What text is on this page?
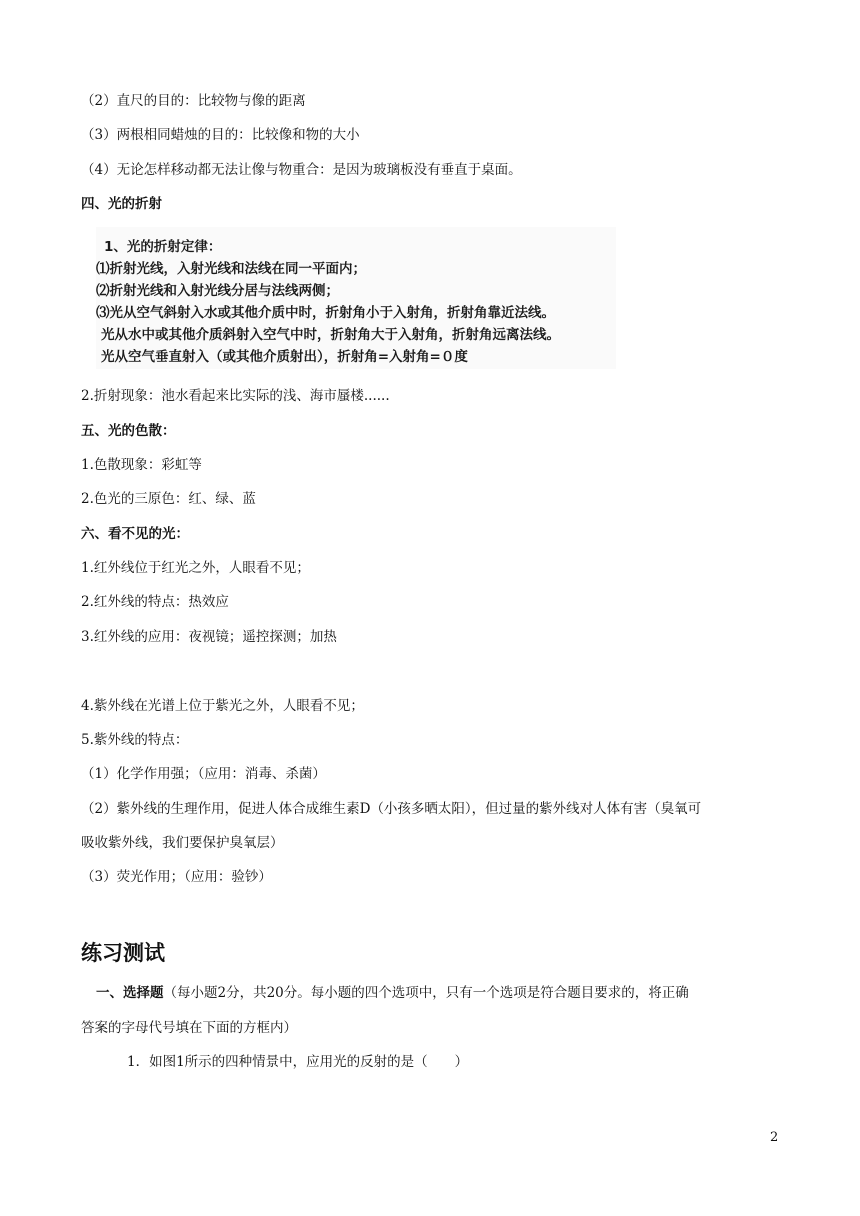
（2）直尺的目的：比较物与像的距离
（3）两根相同蜡烛的目的：比较像和物的大小
（4）无论怎样移动都无法让像与物重合：是因为玻璃板没有垂直于桌面。
四、光的折射
1、光的折射定律：
⑴折射光线，入射光线和法线在同一平面内；
⑵折射光线和入射光线分居与法线两侧；
⑶光从空气斜射入水或其他介质中时，折射角小于入射角，折射角靠近法线。
光从水中或其他介质斜射入空气中时，折射角大于入射角，折射角远离法线。
光从空气垂直射入（或其他介质射出），折射角=入射角=０度
2.折射现象：池水看起来比实际的浅、海市蜃楼......
五、光的色散：
1.色散现象：彩虹等
2.色光的三原色：红、绿、蓝
六、看不见的光：
1.红外线位于红光之外，人眼看不见；
2.红外线的特点：热效应
3.红外线的应用：夜视镜；遥控探测；加热
4.紫外线在光谱上位于紫光之外，人眼看不见；
5.紫外线的特点：
（1）化学作用强；（应用：消毒、杀菌）
（2）紫外线的生理作用，促进人体合成维生素D（小孩多晒太阳），但过量的紫外线对人体有害（臭氧可
吸收紫外线，我们要保护臭氧层）
（3）荧光作用；（应用：验钞）
练习测试
一、选择题（每小题2分，共20分。每小题的四个选项中，只有一个选项是符合题目要求的，将正确
答案的字母代号填在下面的方框内）
1．如图1所示的四种情景中，应用光的反射的是（　　）
2
